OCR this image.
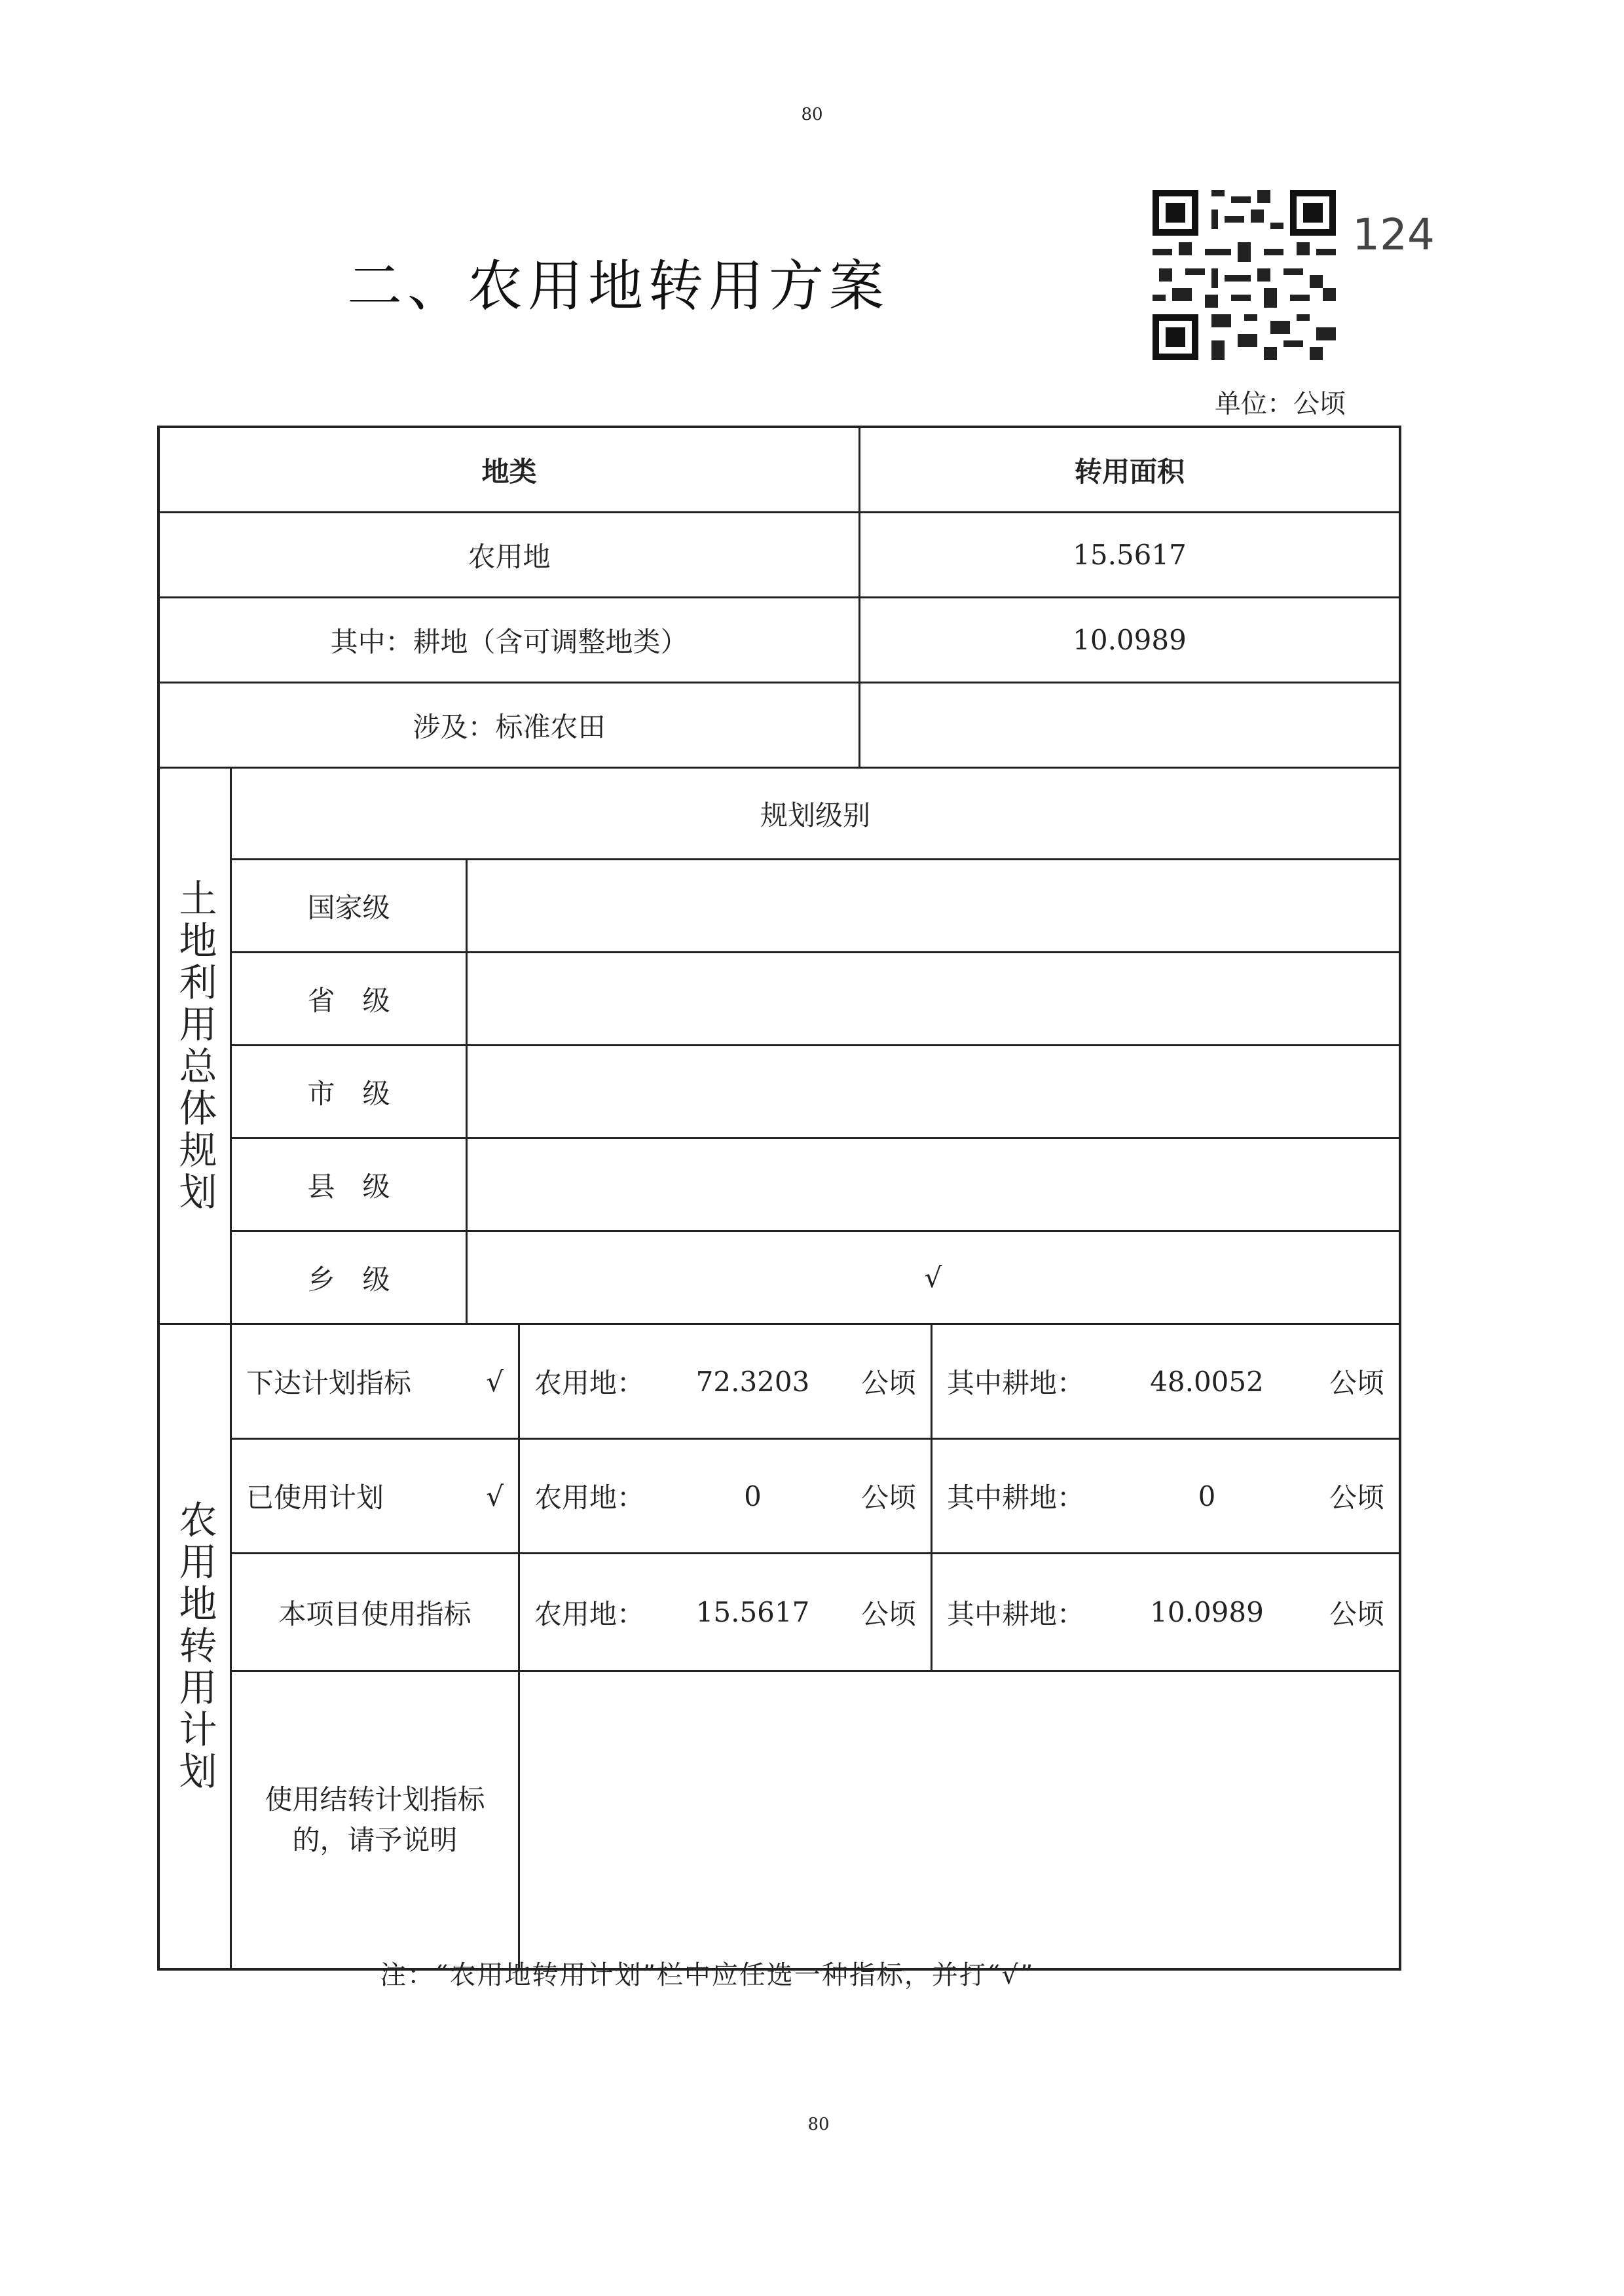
80
二、农用地转用方案
124
单位：公顷
地类	转用面积
农用地	15.5617
其中：耕地（含可调整地类）	10.0989
涉及：标准农田
土地利用总体规划
规划级别
国家级
省　级
市　级
县　级
乡　级	√
农用地转用计划
下达计划指标	√ 农用地：	72.3203	公顷 其中耕地：	48.0052	公顷
已使用计划	√ 农用地：	0	公顷 其中耕地：	0	公顷
本项目使用指标 农用地：	15.5617	公顷 其中耕地：	10.0989	公顷
使用结转计划指标的，请予说明
注：“农用地转用计划”栏中应任选一种指标，并打“√”
80
